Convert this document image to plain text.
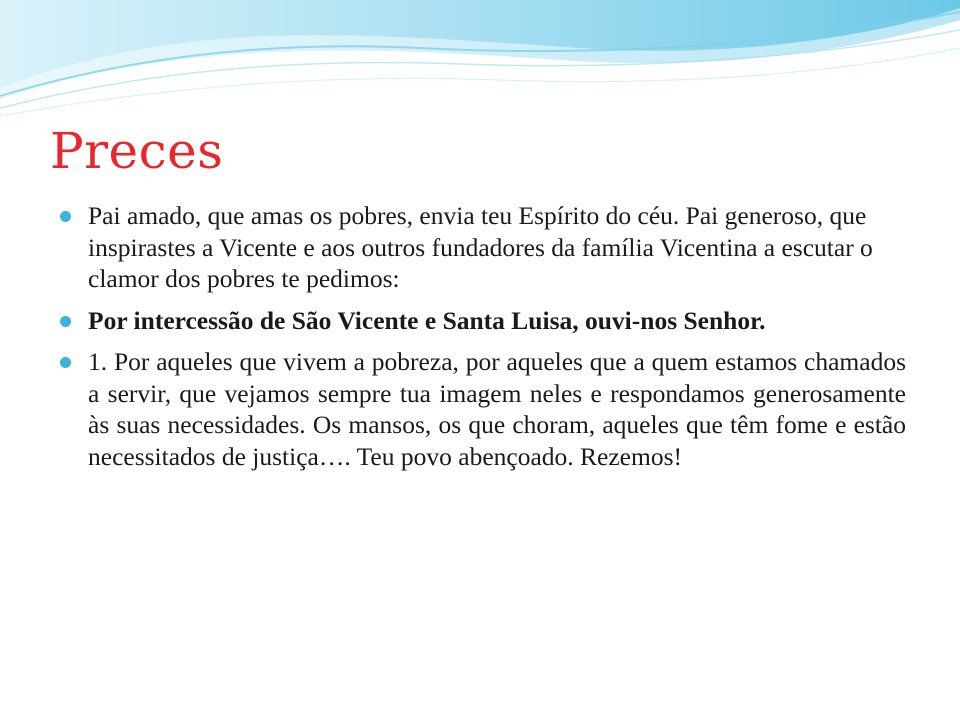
Preces
Pai amado, que amas os pobres, envia teu Espírito do céu. Pai generoso, que inspirastes a Vicente e aos outros fundadores da família Vicentina a escutar o clamor dos pobres te pedimos:
Por intercessão de São Vicente e Santa Luisa, ouvi-nos Senhor.
1. Por aqueles que vivem a pobreza, por aqueles que a quem estamos chamados a servir, que vejamos sempre tua imagem neles e respondamos generosamente às suas necessidades. Os mansos, os que choram, aqueles que têm fome e estão necessitados de justiça…. Teu povo abençoado. Rezemos!
